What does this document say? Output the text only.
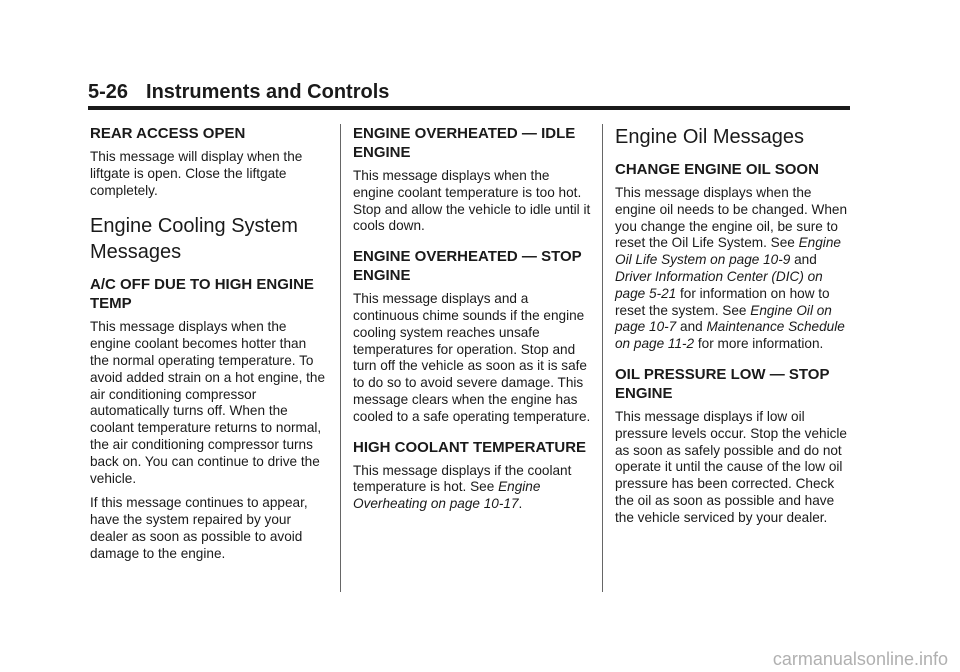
5-26 Instruments and Controls
REAR ACCESS OPEN

This message will display when the liftgate is open. Close the liftgate completely.

Engine Cooling System Messages
A/C OFF DUE TO HIGH ENGINE TEMP

This message displays when the engine coolant becomes hotter than the normal operating temperature. To avoid added strain on a hot engine, the air conditioning compressor automatically turns off. When the coolant temperature returns to normal, the air conditioning compressor turns back on. You can continue to drive the vehicle.

If this message continues to appear, have the system repaired by your dealer as soon as possible to avoid damage to the engine.

ENGINE OVERHEATED — IDLE ENGINE

This message displays when the engine coolant temperature is too hot. Stop and allow the vehicle to idle until it cools down.

ENGINE OVERHEATED — STOP ENGINE

This message displays and a continuous chime sounds if the engine cooling system reaches unsafe temperatures for operation. Stop and turn off the vehicle as soon as it is safe to do so to avoid severe damage. This message clears when the engine has cooled to a safe operating temperature.

HIGH COOLANT TEMPERATURE

This message displays if the coolant temperature is hot. See Engine Overheating on page 10-17.

Engine Oil Messages
CHANGE ENGINE OIL SOON

This message displays when the engine oil needs to be changed. When you change the engine oil, be sure to reset the Oil Life System. See Engine Oil Life System on page 10-9 and Driver Information Center (DIC) on page 5-21 for information on how to reset the system. See Engine Oil on page 10-7 and Maintenance Schedule on page 11-2 for more information.

OIL PRESSURE LOW — STOP ENGINE

This message displays if low oil pressure levels occur. Stop the vehicle as soon as safely possible and do not operate it until the cause of the low oil pressure has been corrected. Check the oil as soon as possible and have the vehicle serviced by your dealer.

carmanualsonline.info
